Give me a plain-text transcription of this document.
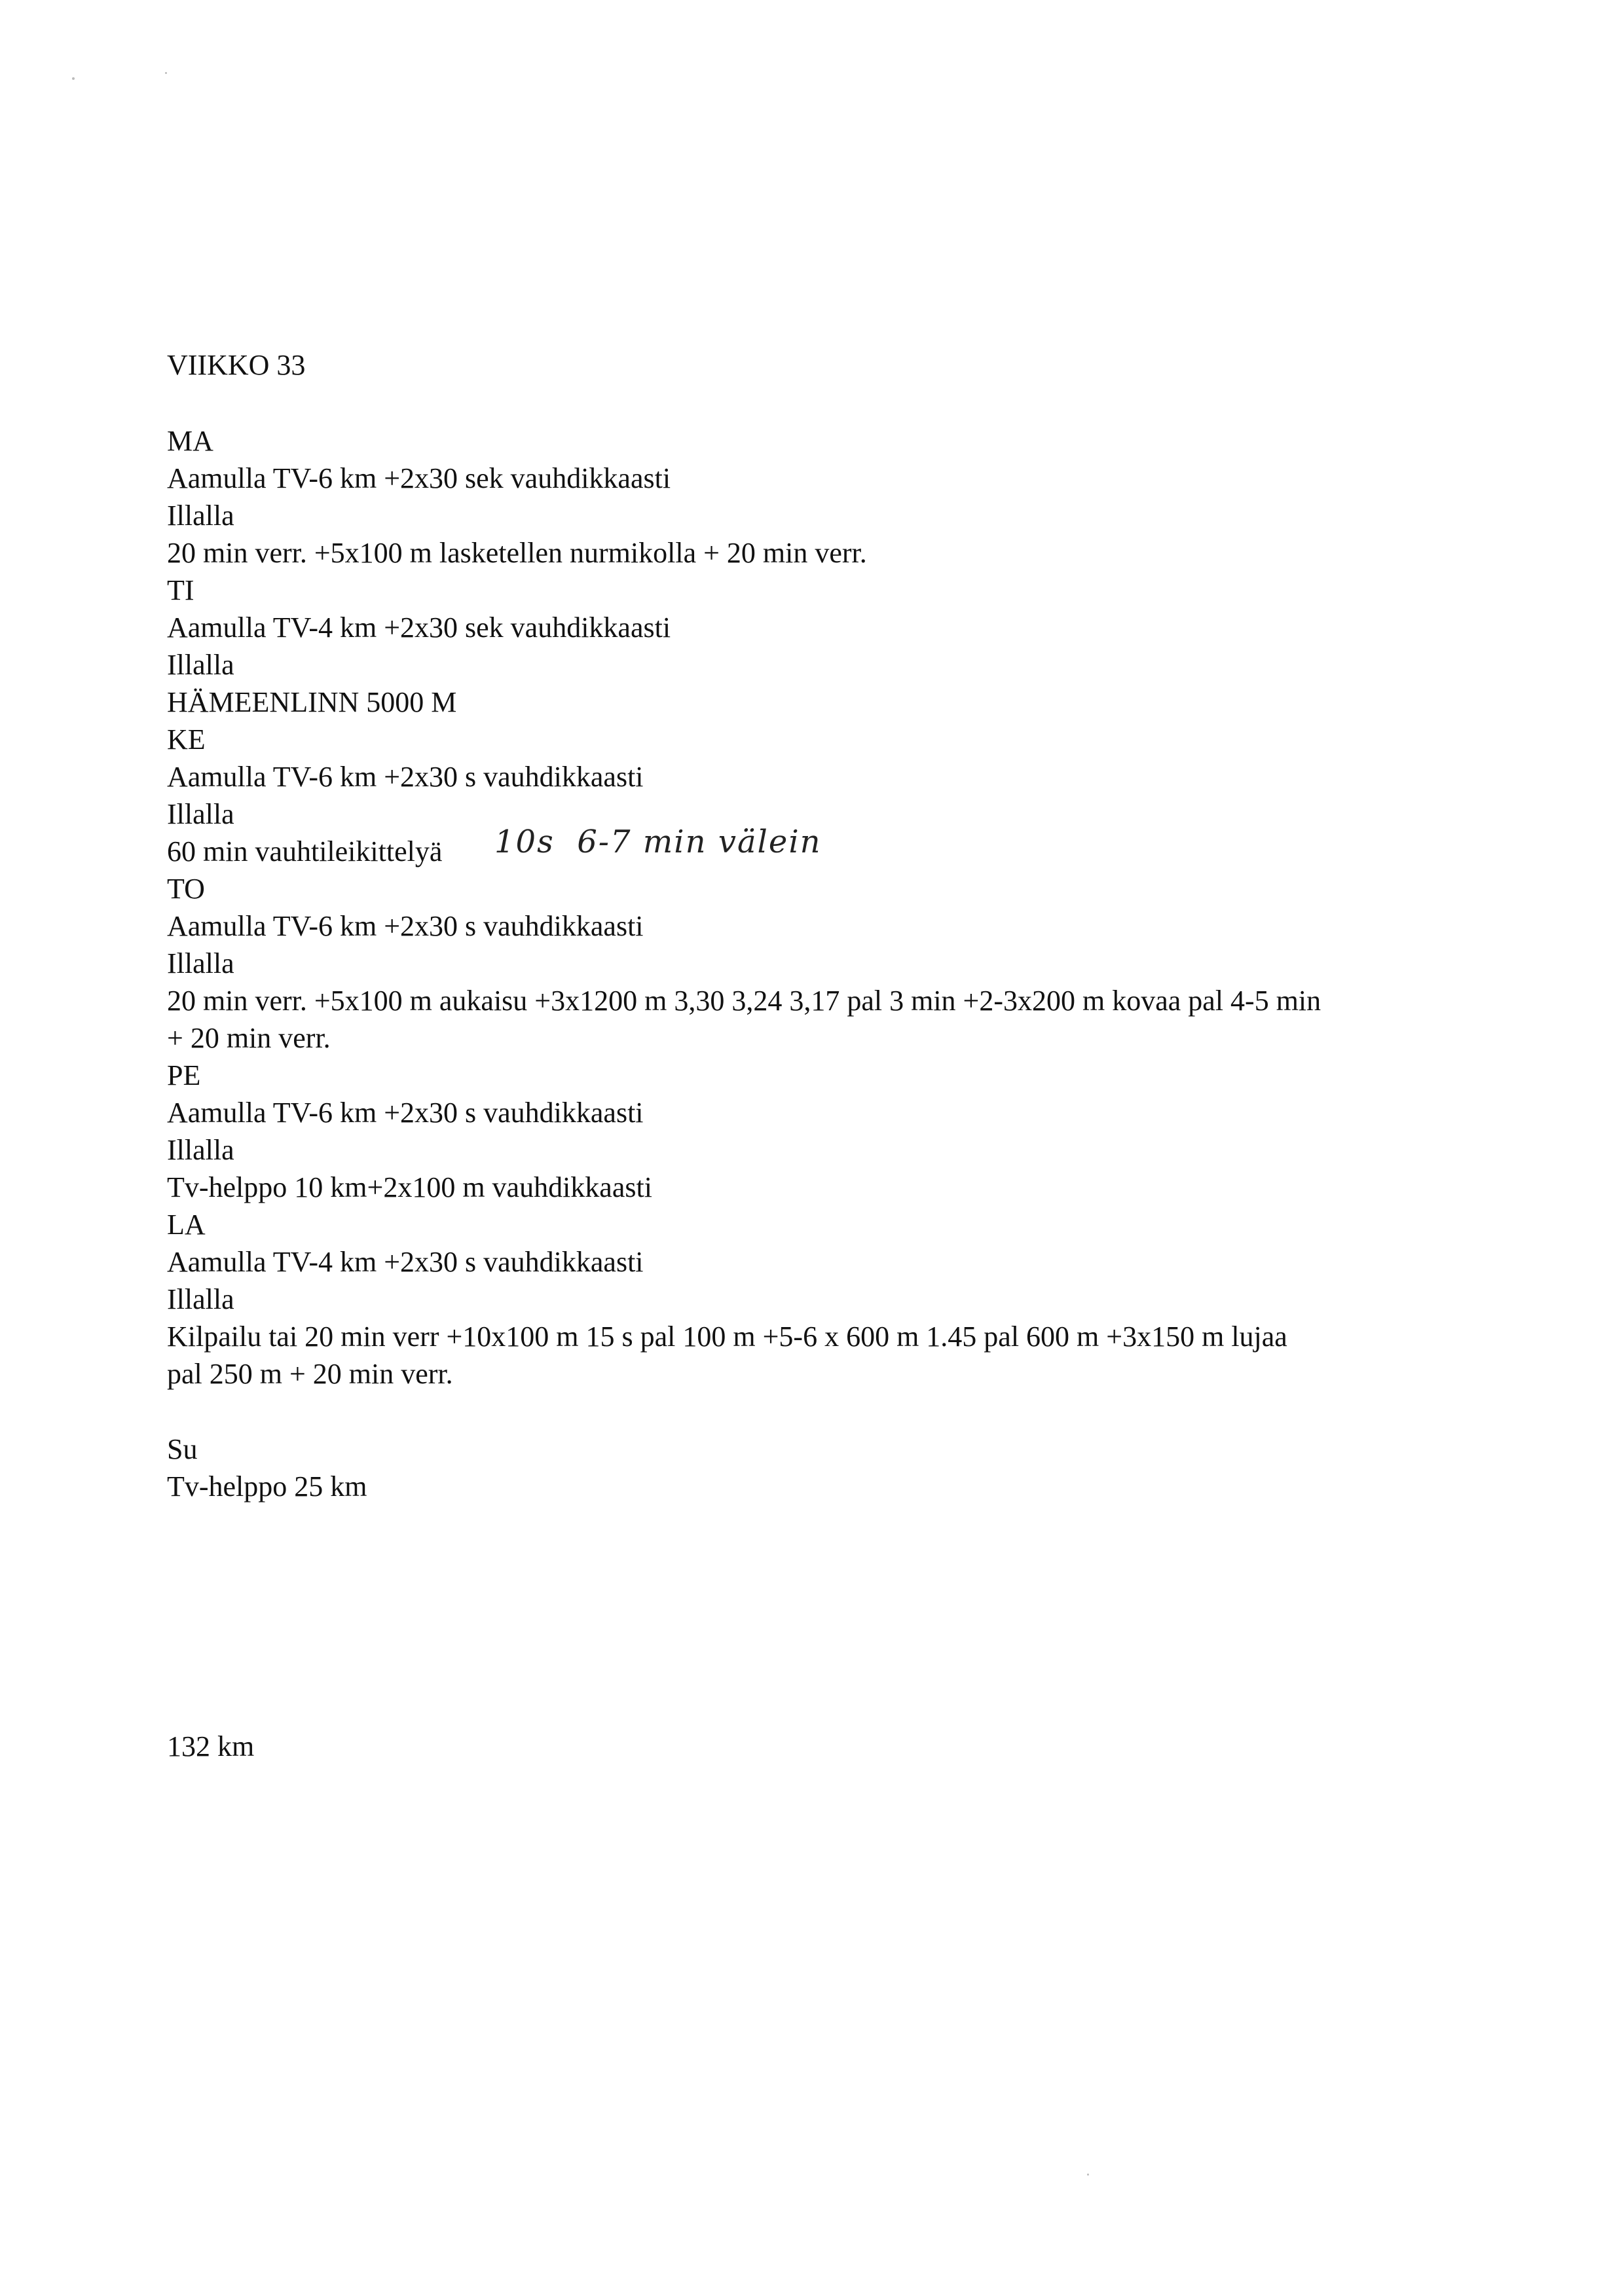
VIIKKO 33
MA
Aamulla TV-6 km +2x30 sek vauhdikkaasti
Illalla
20 min verr. +5x100 m lasketellen nurmikolla + 20 min verr.
TI
Aamulla TV-4 km +2x30 sek vauhdikkaasti
Illalla
HÄMEENLINN 5000 M
KE
Aamulla TV-6 km +2x30 s vauhdikkaasti
Illalla
60 min vauhtileikittelyä 10s  6-7 min välein
TO
Aamulla TV-6 km +2x30 s vauhdikkaasti
Illalla
20 min verr. +5x100 m aukaisu +3x1200 m 3,30 3,24 3,17 pal 3 min +2-3x200 m kovaa pal 4-5 min
+ 20 min verr.
PE
Aamulla TV-6 km +2x30 s vauhdikkaasti
Illalla
Tv-helppo 10 km+2x100 m vauhdikkaasti
LA
Aamulla TV-4 km +2x30 s vauhdikkaasti
Illalla
Kilpailu tai 20 min verr +10x100 m 15 s pal 100 m +5-6 x 600 m 1.45 pal 600 m +3x150 m lujaa
pal 250 m + 20 min verr.
Su
Tv-helppo 25 km
132 km
